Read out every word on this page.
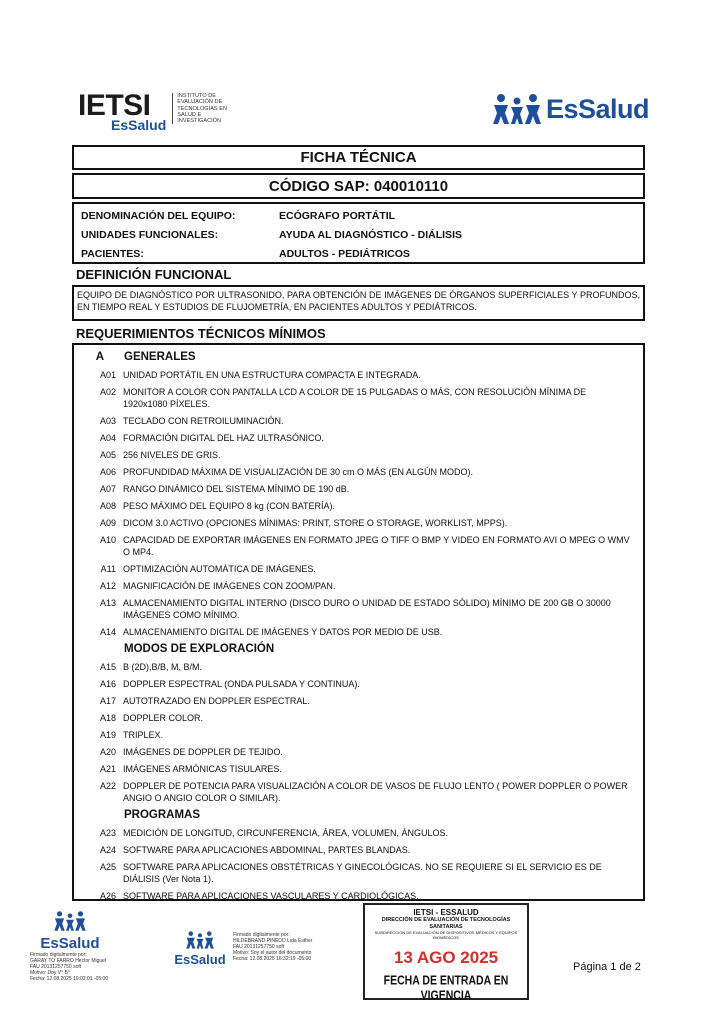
IETSI
EsSalud
INSTITUTO DE EVALUACIÓN DE TECNOLOGÍAS EN SALUD E INVESTIGACIÓN	EsSalud
FICHA TÉCNICA
CÓDIGO SAP: 040010110
DENOMINACIÓN DEL EQUIPO:	ECÓGRAFO PORTÁTIL
UNIDADES FUNCIONALES:	AYUDA AL DIAGNÓSTICO - DIÁLISIS
PACIENTES:	ADULTOS - PEDIÁTRICOS
DEFINICIÓN FUNCIONAL
EQUIPO DE DIAGNÓSTICO POR ULTRASONIDO, PARA OBTENCIÓN DE IMÁGENES DE ÓRGANOS SUPERFICIALES Y PROFUNDOS, EN TIEMPO REAL Y ESTUDIOS DE FLUJOMETRÍA, EN PACIENTES ADULTOS Y PEDIÁTRICOS.
REQUERIMIENTOS TÉCNICOS MÍNIMOS
A	GENERALES
A01 UNIDAD PORTÁTIL EN UNA ESTRUCTURA COMPACTA E INTEGRADA.
A02 MONITOR A COLOR CON PANTALLA LCD A COLOR DE 15 PULGADAS O MÁS, CON RESOLUCIÓN MÍNIMA DE 1920x1080 PÍXELES.
A03 TECLADO CON RETROILUMINACIÓN.
A04 FORMACIÓN DIGITAL DEL HAZ ULTRASÓNICO.
A05 256 NIVELES DE GRIS.
A06 PROFUNDIDAD MÁXIMA DE VISUALIZACIÓN DE 30 cm O MÁS (EN ALGÚN MODO).
A07 RANGO DINÁMICO DEL SISTEMA MÍNIMO DE 190 dB.
A08 PESO MÁXIMO DEL EQUIPO 8 kg (CON BATERÍA).
A09 DICOM 3.0 ACTIVO (OPCIONES MÍNIMAS: PRINT, STORE O STORAGE, WORKLIST, MPPS).
A10 CAPACIDAD DE EXPORTAR IMÁGENES EN FORMATO JPEG O TIFF O BMP Y VIDEO EN FORMATO AVI O MPEG O WMV O MP4.
A11 OPTIMIZACIÓN AUTOMÁTICA DE IMÁGENES.
A12 MAGNIFICACIÓN DE IMÁGENES CON ZOOM/PAN.
A13 ALMACENAMIENTO DIGITAL INTERNO (DISCO DURO O UNIDAD DE ESTADO SÓLIDO) MÍNIMO DE 200 GB O 30000 IMÁGENES COMO MÍNIMO.
A14 ALMACENAMIENTO DIGITAL DE IMÁGENES Y DATOS POR MEDIO DE USB.
MODOS DE EXPLORACIÓN
A15 B (2D),B/B, M, B/M.
A16 DOPPLER ESPECTRAL (ONDA PULSADA Y CONTINUA).
A17 AUTOTRAZADO EN DOPPLER ESPECTRAL.
A18 DOPPLER COLOR.
A19 TRIPLEX.
A20 IMÁGENES DE DOPPLER DE TEJIDO.
A21 IMÁGENES ARMÓNICAS TISULARES.
A22 DOPPLER DE POTENCIA PARA VISUALIZACIÓN A COLOR DE VASOS DE FLUJO LENTO ( POWER DOPPLER O POWER ANGIO O ANGIO COLOR O SIMILAR).
PROGRAMAS
A23 MEDICIÓN DE LONGITUD, CIRCUNFERENCIA, ÁREA, VOLUMEN, ÁNGULOS.
A24 SOFTWARE PARA APLICACIONES ABDOMINAL, PARTES BLANDAS.
A25 SOFTWARE PARA APLICACIONES OBSTÉTRICAS Y GINECOLÓGICAS. NO SE REQUIERE SI EL SERVICIO ES DE DIÁLISIS (Ver Nota 1).
A26 SOFTWARE PARA APLICACIONES VASCULARES Y CARDIOLÓGICAS.
EsSalud
Firmado digitalmente por:
GARAY TO FARRO Hector Miguel
FAU 20131257750 soft
Motivo: Doy V° B°
Fecha: 12.08.2025 19:02:01 -05:00
EsSalud
Firmado digitalmente por:
HILDEBRAND PINEDO Lida Esther
FAU 20131257750 soft
Motivo: Soy el autor del documento
Fecha: 12.08.2025 16:32:19 -05:00
IETSI - ESSALUD
DIRECCIÓN DE EVALUACIÓN DE TECNOLOGÍAS SANITARIAS
SUBDIRECCIÓN DE EVALUACIÓN DE DISPOSITIVOS MÉDICOS Y EQUIPOS BIOMÉDICOS
13 AGO 2025
FECHA DE ENTRADA EN VIGENCIA
Página 1 de 2
